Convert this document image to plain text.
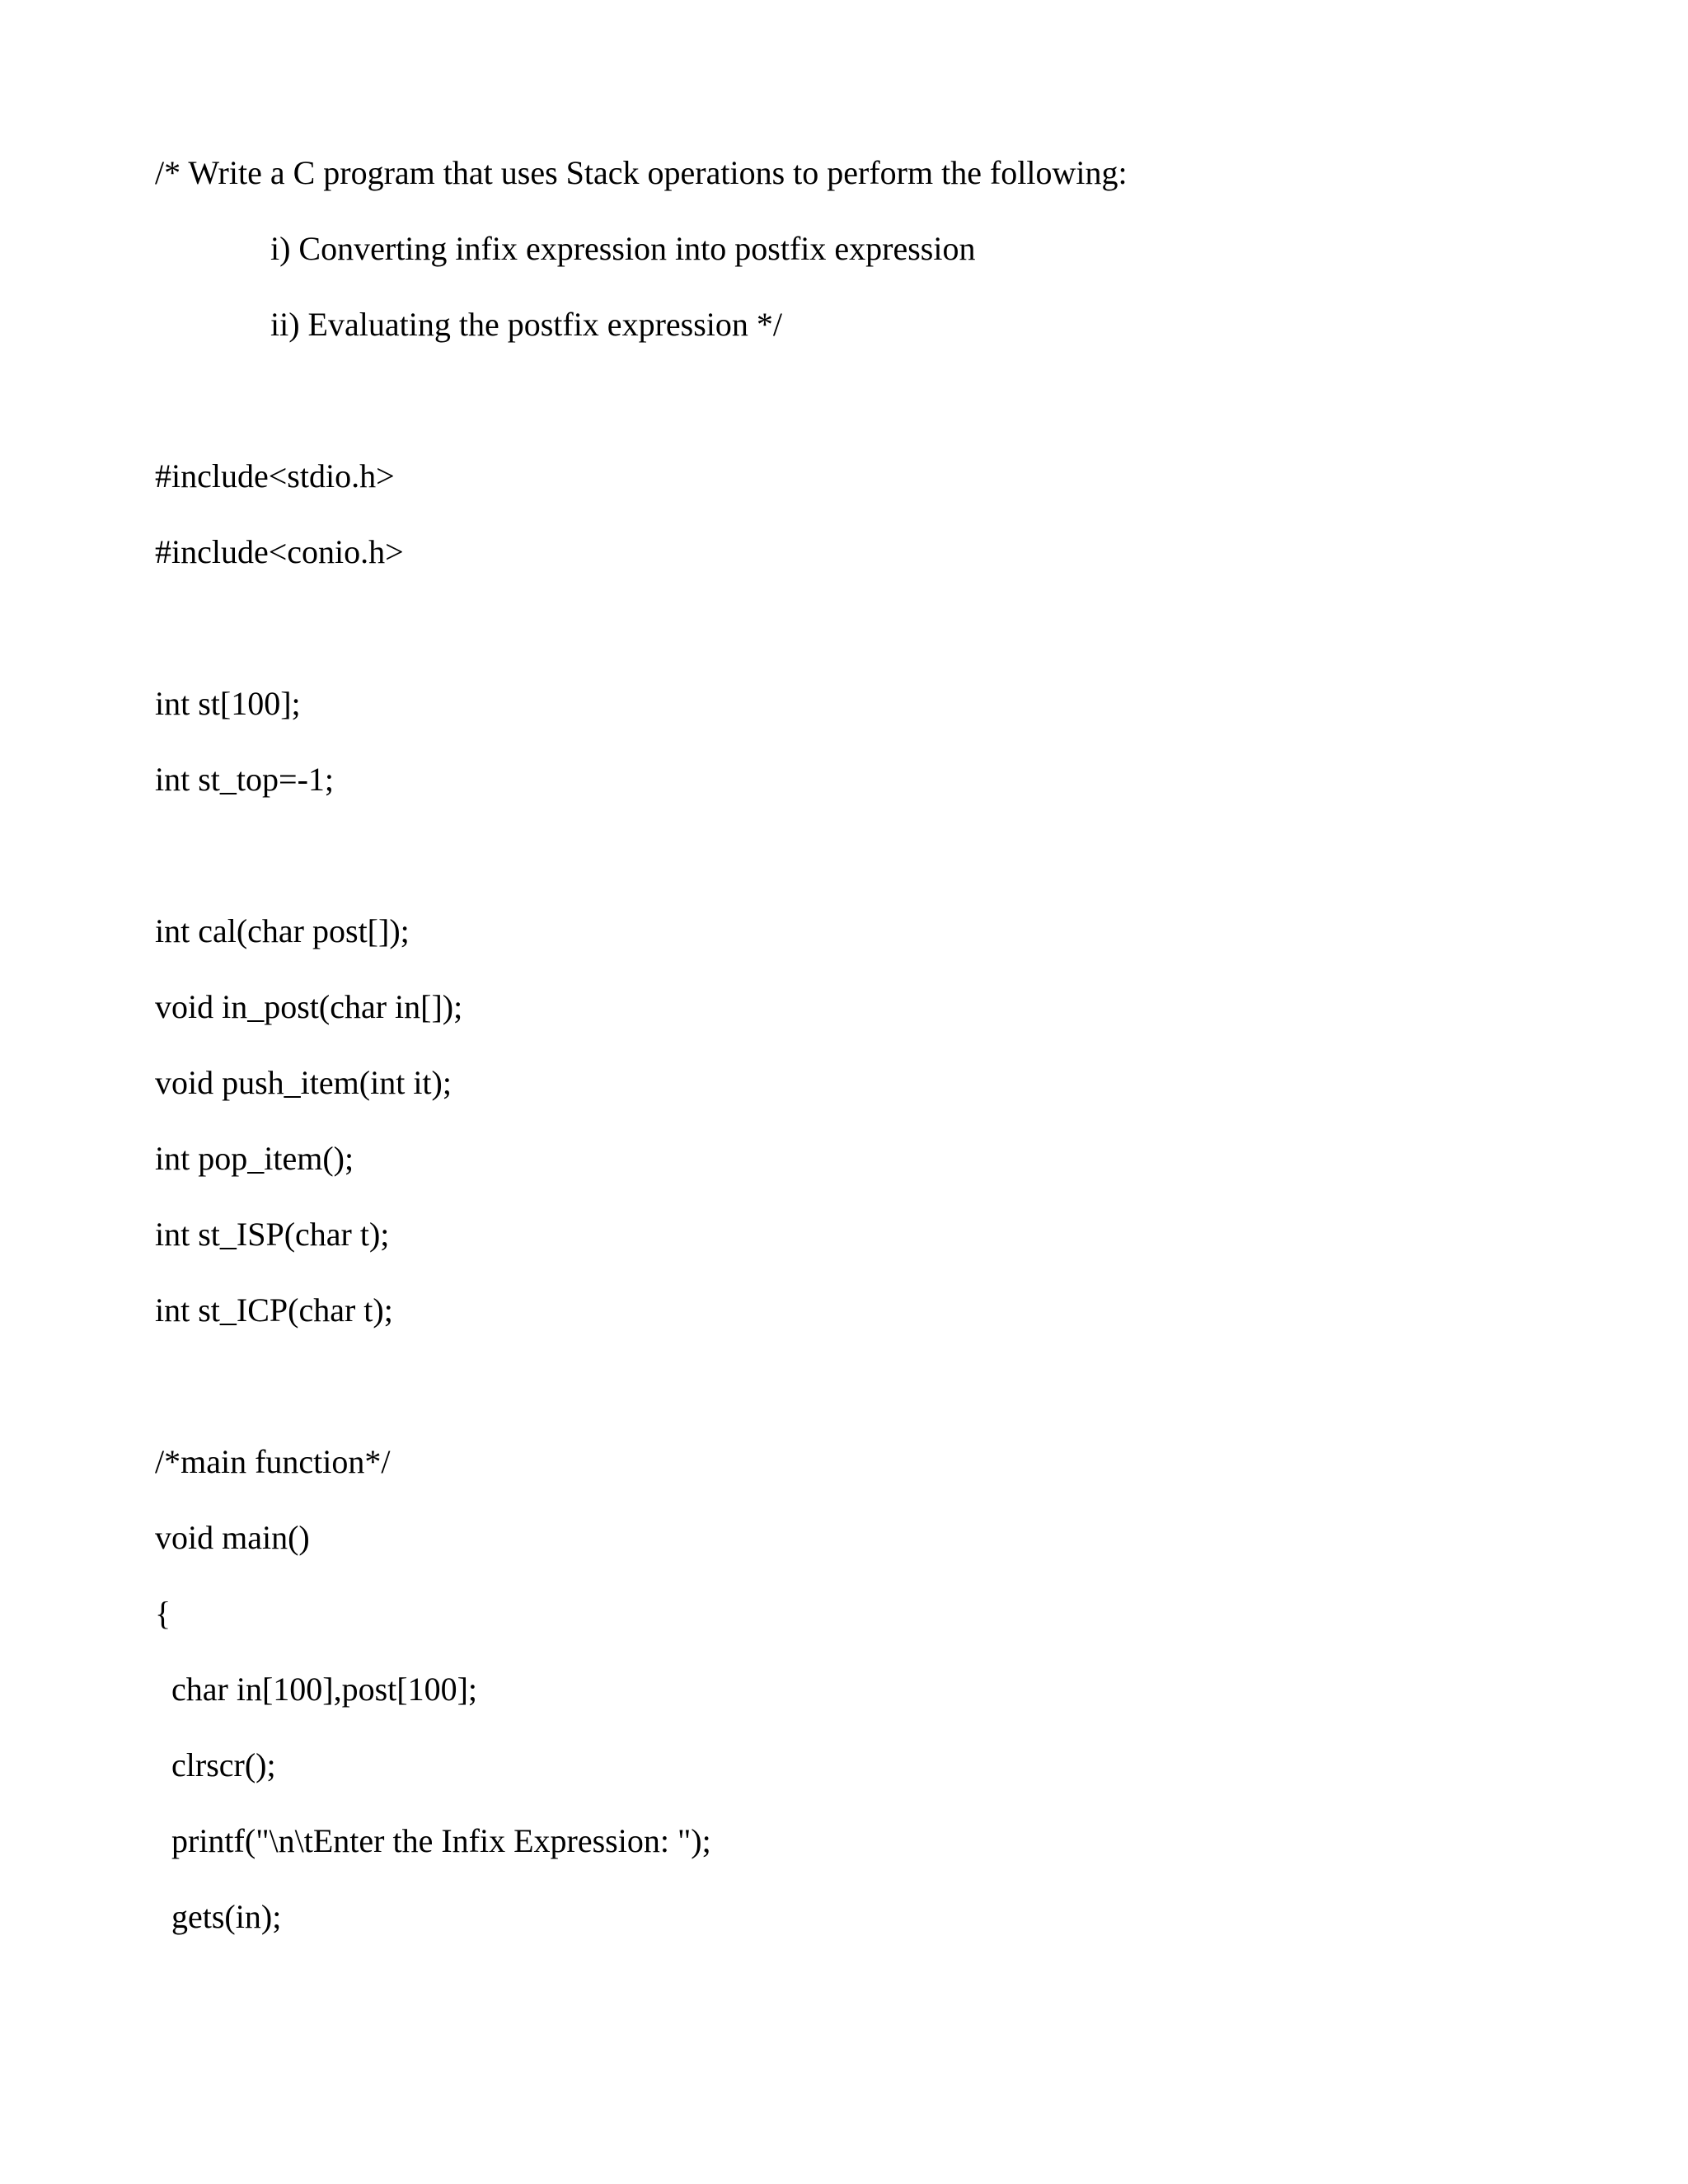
/* Write a C program that uses Stack operations to perform the following:
i) Converting infix expression into postfix expression
ii) Evaluating the postfix expression */
#include<stdio.h>
#include<conio.h>
int st[100];
int st_top=-1;
int cal(char post[]);
void in_post(char in[]);
void push_item(int it);
int pop_item();
int st_ISP(char t);
int st_ICP(char t);
/*main function*/
void main()
{
char in[100],post[100];
clrscr();
printf("\n\tEnter the Infix Expression: ");
gets(in);
